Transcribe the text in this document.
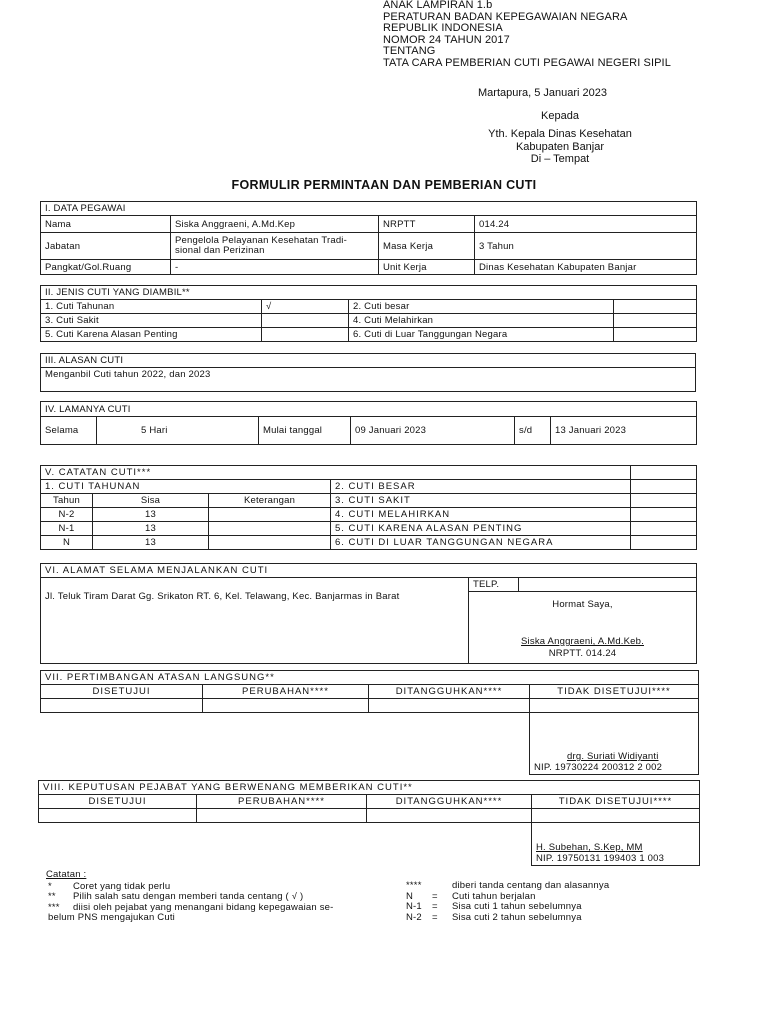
ANAK LAMPIRAN 1.b
PERATURAN BADAN KEPEGAWAIAN NEGARA
REPUBLIK INDONESIA
NOMOR 24 TAHUN 2017
TENTANG
TATA CARA PEMBERIAN CUTI PEGAWAI NEGERI SIPIL
Martapura, 5 Januari 2023
Kepada
Yth. Kepala Dinas Kesehatan
Kabupaten Banjar
Di – Tempat
FORMULIR PERMINTAAN DAN PEMBERIAN CUTI
I. DATA PEGAWAI			
Nama	Siska Anggraeni, A.Md.Kep	NRPTT	014.24
Jabatan	Pengelola Pelayanan Kesehatan Tradi-
sional dan Perizinan	Masa Kerja	3 Tahun
Pangkat/Gol.Ruang	-	Unit Kerja	Dinas Kesehatan Kabupaten Banjar
II. JENIS CUTI YANG DIAMBIL**			
1. Cuti Tahunan	√	2. Cuti besar	
3. Cuti Sakit		4. Cuti Melahirkan	
5. Cuti Karena Alasan Penting		6. Cuti di Luar Tanggungan Negara	
III. ALASAN CUTI
Menganbil Cuti tahun 2022, dan 2023
IV. LAMANYA CUTI
Selama	5 Hari	Mulai tanggal	09 Januari 2023	s/d	13 Januari 2023
V. CATATAN CUTI***				
1. CUTI TAHUNAN			2. CUTI BESAR	
Tahun	Sisa	Keterangan	3. CUTI SAKIT	
N-2	13		4. CUTI MELAHIRKAN	
N-1	13		5. CUTI KARENA ALASAN PENTING	
N	13		6. CUTI DI LUAR TANGGUNGAN NEGARA	
VI. ALAMAT SELAMA MENJALANKAN CUTI
Jl. Teluk Tiram Darat Gg. Srikaton RT. 6, Kel. Telawang, Kec. Banjarmas in Barat	TELP.	

Hormat Saya,
Siska Anggraeni, A.Md.Keb.
NRPTT. 014.24
VII. PERTIMBANGAN ATASAN LANGSUNG**			
DISETUJUI	PERUBAHAN****	DITANGGUHKAN****	TIDAK DISETUJUI****

			drg. Suriati Widiyanti
NIP. 19730224 200312 2 002
VIII. KEPUTUSAN PEJABAT YANG BERWENANG MEMBERIKAN CUTI**			
DISETUJUI	PERUBAHAN****	DITANGGUHKAN****	TIDAK DISETUJUI****

			H. Subehan, S.Kep, MM
NIP. 19750131 199403 1 003
Catatan :
*	Coret yang tidak perlu
**	Pilih salah satu dengan memberi tanda centang ( √ )
***	diisi oleh pejabat yang menangani bidang kepegawaian se-
belum PNS mengajukan Cuti
****		diberi tanda centang dan alasannya
N	=	Cuti tahun berjalan
N-1	=	Sisa cuti 1 tahun sebelumnya
N-2	=	Sisa cuti 2 tahun sebelumnya
